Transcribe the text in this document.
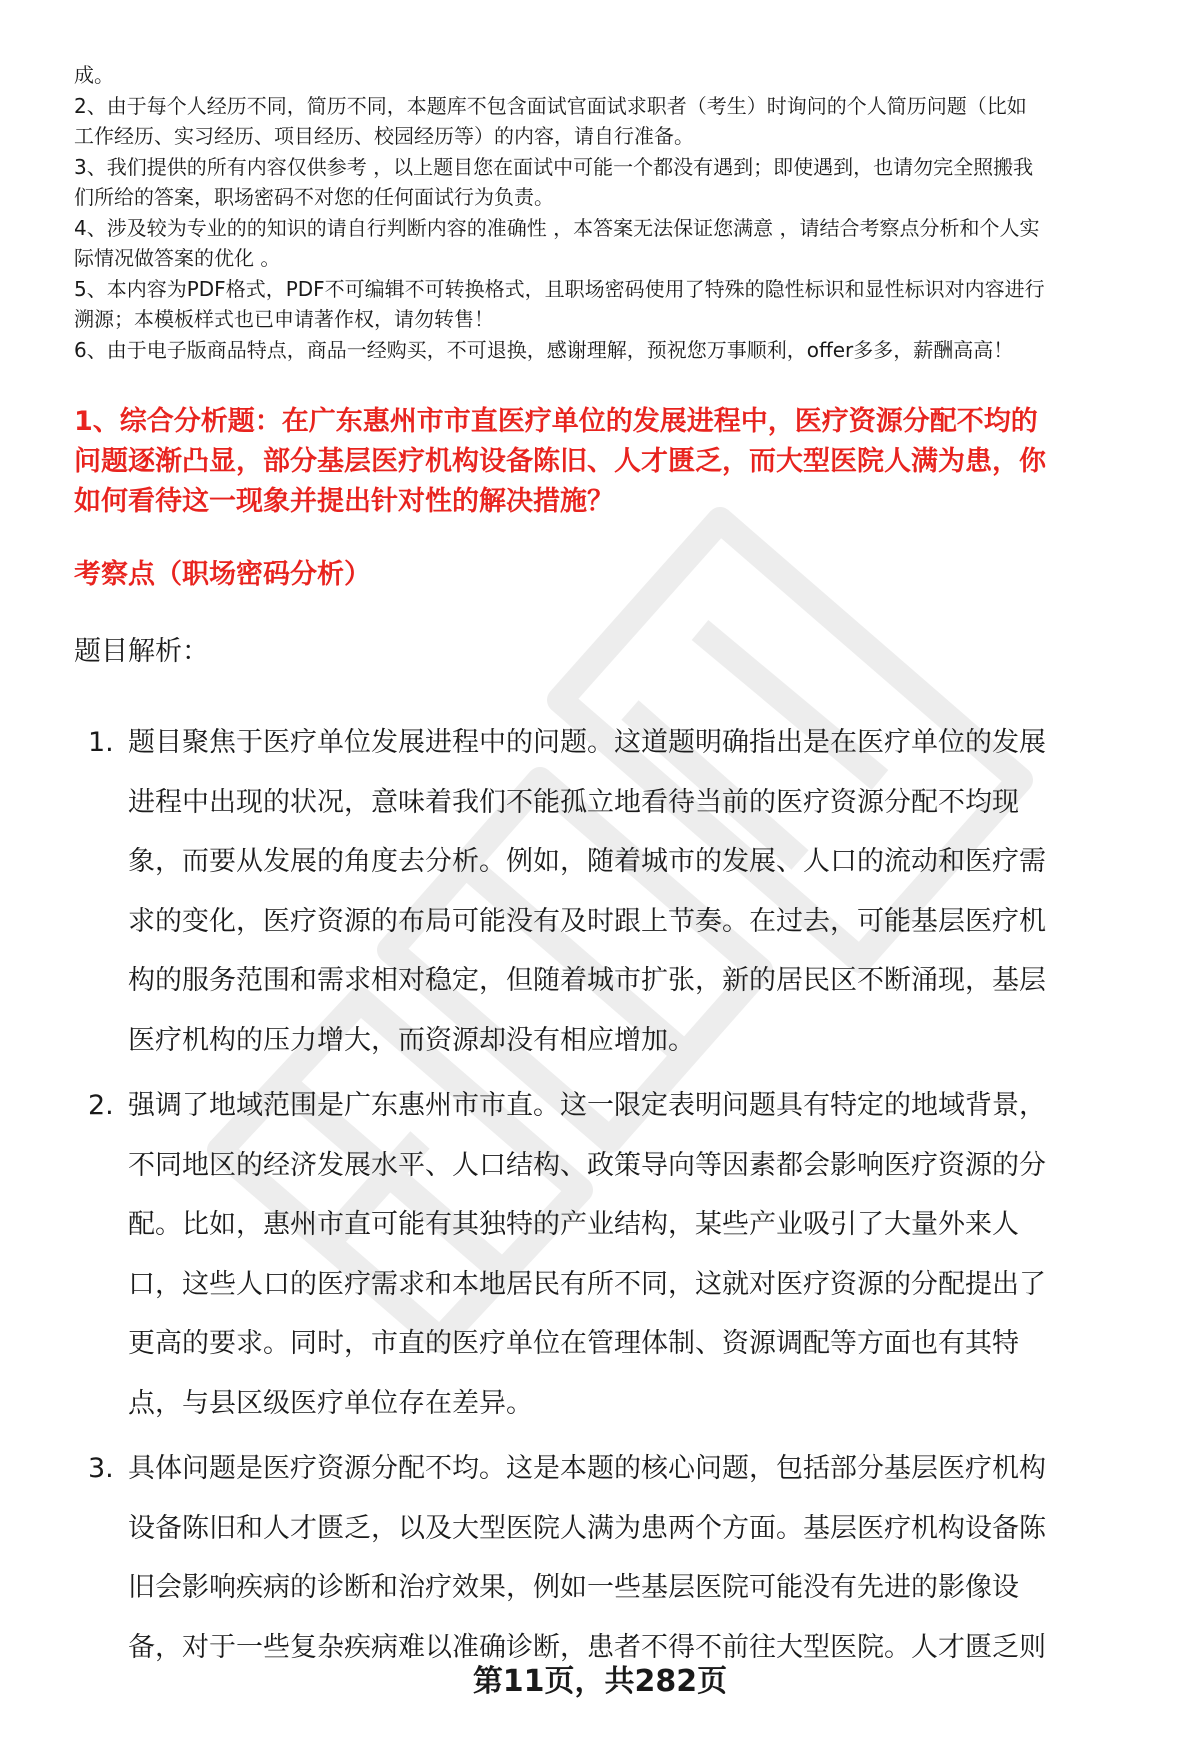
成。

2、由于每个人经历不同，简历不同，本题库不包含面试官面试求职者（考生）时询问的个人简历问题（比如

工作经历、实习经历、项目经历、校园经历等）的内容，请自行准备。

3、我们提供的所有内容仅供参考 ，以上题目您在面试中可能一个都没有遇到；即使遇到，也请勿完全照搬我

们所给的答案，职场密码不对您的任何面试行为负责。

4、涉及较为专业的的知识的请自行判断内容的准确性 ，本答案无法保证您满意 ，请结合考察点分析和个人实

际情况做答案的优化 。

5、本内容为PDF格式，PDF不可编辑不可转换格式，且职场密码使用了特殊的隐性标识和显性标识对内容进行

溯源；本模板样式也已申请著作权，请勿转售！

6、由于电子版商品特点，商品一经购买，不可退换，感谢理解，预祝您万事顺利，offer多多，薪酬高高！

1、综合分析题：在广东惠州市市直医疗单位的发展进程中，医疗资源分配不均的
问题逐渐凸显，部分基层医疗机构设备陈旧、人才匮乏，而大型医院人满为患，你
如何看待这一现象并提出针对性的解决措施？
考察点（职场密码分析）
题目解析：
1. 题目聚焦于医疗单位发展进程中的问题。这道题明确指出是在医疗单位的发展
进程中出现的状况，意味着我们不能孤立地看待当前的医疗资源分配不均现
象，而要从发展的角度去分析。例如，随着城市的发展、人口的流动和医疗需
求的变化，医疗资源的布局可能没有及时跟上节奏。在过去，可能基层医疗机
构的服务范围和需求相对稳定，但随着城市扩张，新的居民区不断涌现，基层
医疗机构的压力增大，而资源却没有相应增加。
2. 强调了地域范围是广东惠州市市直。这一限定表明问题具有特定的地域背景，
不同地区的经济发展水平、人口结构、政策导向等因素都会影响医疗资源的分
配。比如，惠州市直可能有其独特的产业结构，某些产业吸引了大量外来人
口，这些人口的医疗需求和本地居民有所不同，这就对医疗资源的分配提出了
更高的要求。同时，市直的医疗单位在管理体制、资源调配等方面也有其特
点，与县区级医疗单位存在差异。
3. 具体问题是医疗资源分配不均。这是本题的核心问题，包括部分基层医疗机构
设备陈旧和人才匮乏，以及大型医院人满为患两个方面。基层医疗机构设备陈
旧会影响疾病的诊断和治疗效果，例如一些基层医院可能没有先进的影像设
备，对于一些复杂疾病难以准确诊断，患者不得不前往大型医院。人才匮乏则
第11页，共282页
